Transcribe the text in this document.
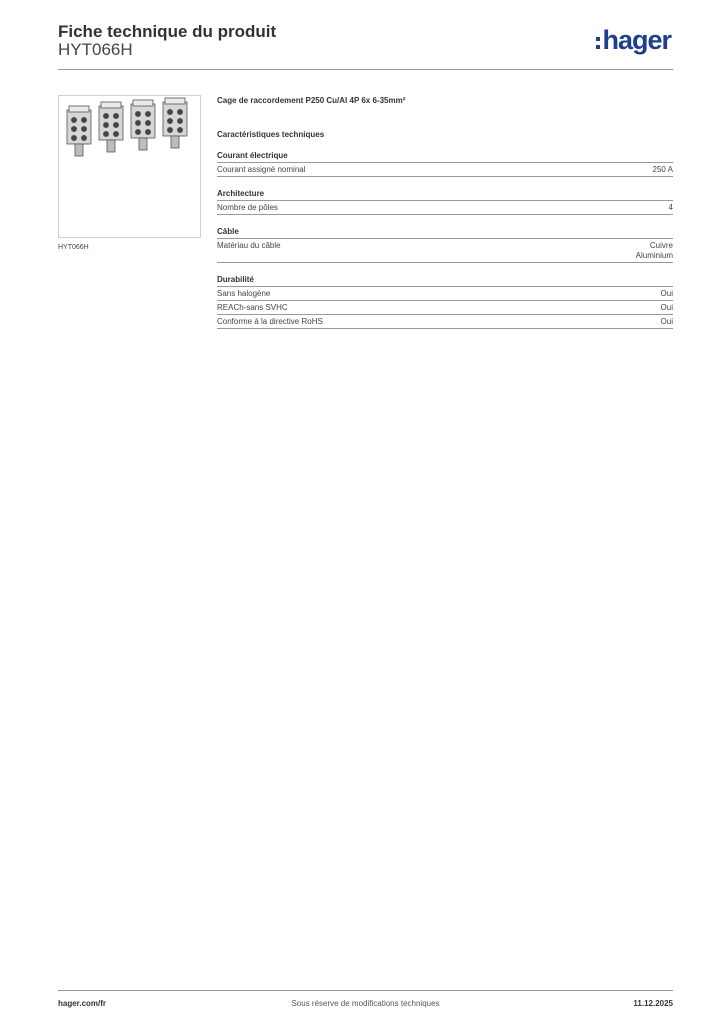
Fiche technique du produit
HYT066H	hager
HYT066H
Cage de raccordement P250 Cu/Al 4P 6x 6-35mm²
Caractéristiques techniques
Courant électrique
Courant assigné nominal	250 A
Architecture
Nombre de pôles	4
Câble
Matériau du câble	Cuivre
Aluminium
Durabilité
Sans halogène	Oui
REACh-sans SVHC	Oui
Conforme à la directive RoHS	Oui
hager.com/fr	Sous réserve de modifications techniques	11.12.2025
